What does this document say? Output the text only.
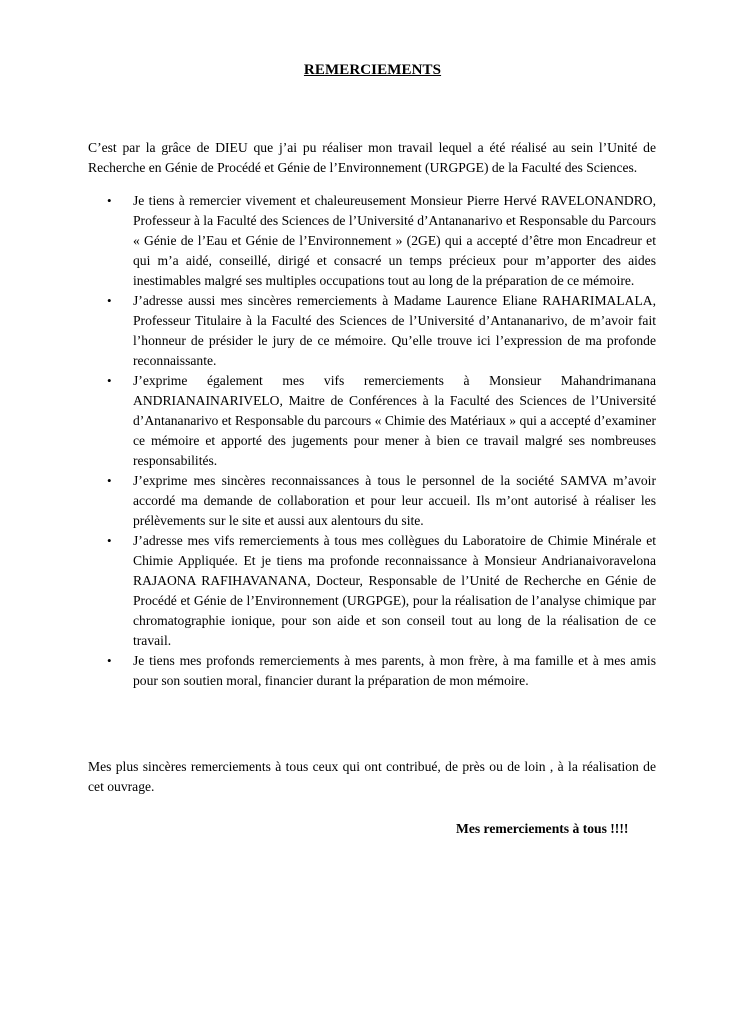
REMERCIEMENTS

C’est par la grâce de DIEU que j’ai pu réaliser mon travail lequel a été réalisé au sein l’Unité de Recherche en Génie de Procédé et Génie de l’Environnement (URGPGE) de la Faculté des Sciences.

• Je tiens à remercier vivement et chaleureusement Monsieur Pierre Hervé RAVELONANDRO, Professeur à la Faculté des Sciences de l’Université d’Antananarivo et Responsable du Parcours « Génie de l’Eau et Génie de l’Environnement » (2GE) qui a accepté d’être mon Encadreur et qui m’a aidé, conseillé, dirigé et consacré un temps précieux pour m’apporter des aides inestimables malgré ses multiples occupations tout au long de la préparation de ce mémoire.
• J’adresse aussi mes sincères remerciements à Madame Laurence Eliane RAHARIMALALA, Professeur Titulaire à la Faculté des Sciences de l’Université d’Antananarivo, de m’avoir fait l’honneur de présider le jury de ce mémoire. Qu’elle trouve ici l’expression de ma profonde reconnaissante.
• J’exprime également mes vifs remerciements à Monsieur Mahandrimanana ANDRIANAINARIVELO, Maitre de Conférences à la Faculté des Sciences de l’Université d’Antananarivo et Responsable du parcours « Chimie des Matériaux » qui a accepté d’examiner ce mémoire et apporté des jugements pour mener à bien ce travail malgré ses nombreuses responsabilités.
• J’exprime mes sincères reconnaissances à tous le personnel de la société SAMVA m’avoir accordé ma demande de collaboration et pour leur accueil. Ils m’ont autorisé à réaliser les prélèvements sur le site et aussi aux alentours du site.
• J’adresse mes vifs remerciements à tous mes collègues du Laboratoire de Chimie Minérale et Chimie Appliquée. Et je tiens ma profonde reconnaissance à Monsieur Andrianaivoravelona RAJAONA RAFIHAVANANA, Docteur, Responsable de l’Unité de Recherche en Génie de Procédé et Génie de l’Environnement (URGPGE), pour la réalisation de l’analyse chimique par chromatographie ionique, pour son aide et son conseil tout au long de la réalisation de ce travail.
• Je tiens mes profonds remerciements à mes parents, à mon frère, à ma famille et à mes amis pour son soutien moral, financier durant la préparation de mon mémoire.

Mes plus sincères remerciements à tous ceux qui ont contribué, de près ou de loin , à la réalisation de cet ouvrage.

Mes remerciements à tous !!!!
